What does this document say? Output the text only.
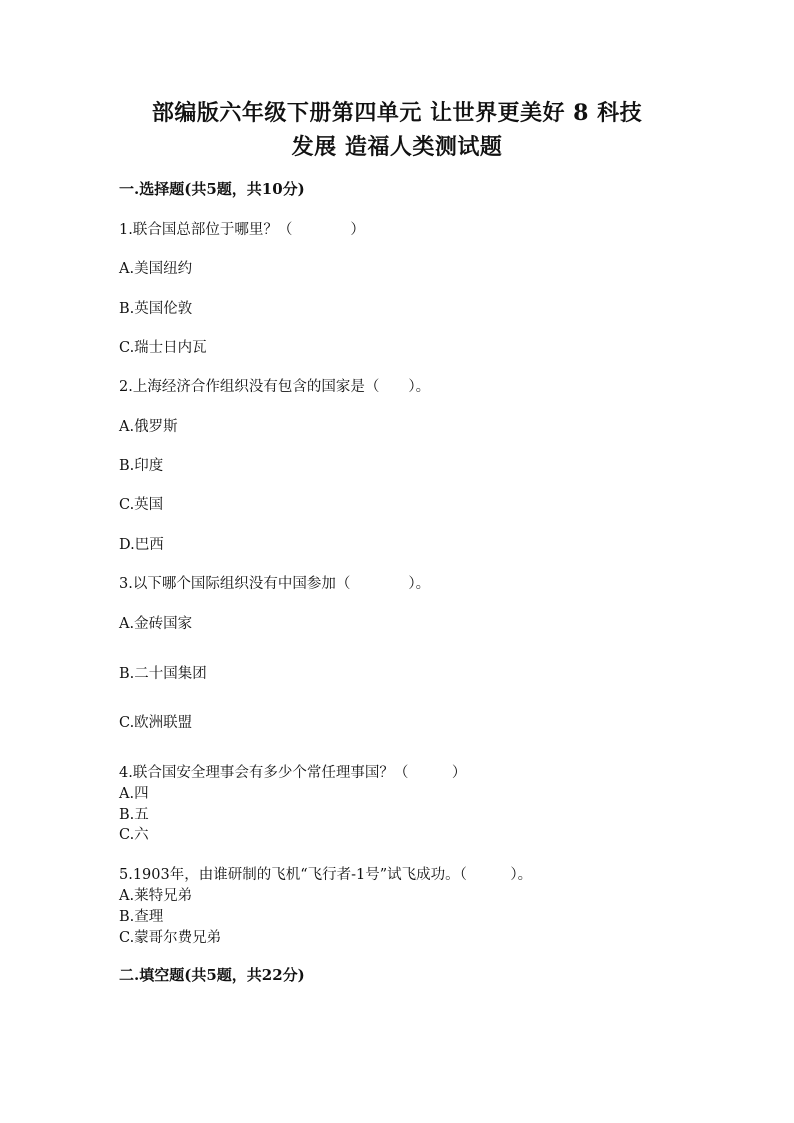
部编版六年级下册第四单元 让世界更美好 8 科技
发展 造福人类测试题
一.选择题(共5题，共10分)
1.联合国总部位于哪里？（　　　　）
A.美国纽约
B.英国伦敦
C.瑞士日内瓦
2.上海经济合作组织没有包含的国家是（　　）。
A.俄罗斯
B.印度
C.英国
D.巴西
3.以下哪个国际组织没有中国参加（　　　　）。
A.金砖国家
B.二十国集团
C.欧洲联盟
4.联合国安全理事会有多少个常任理事国？（　　　）
A.四
B.五
C.六
5.1903年，由谁研制的飞机“飞行者-1号”试飞成功。（　　　）。
A.莱特兄弟
B.查理
C.蒙哥尔费兄弟
二.填空题(共5题，共22分)
